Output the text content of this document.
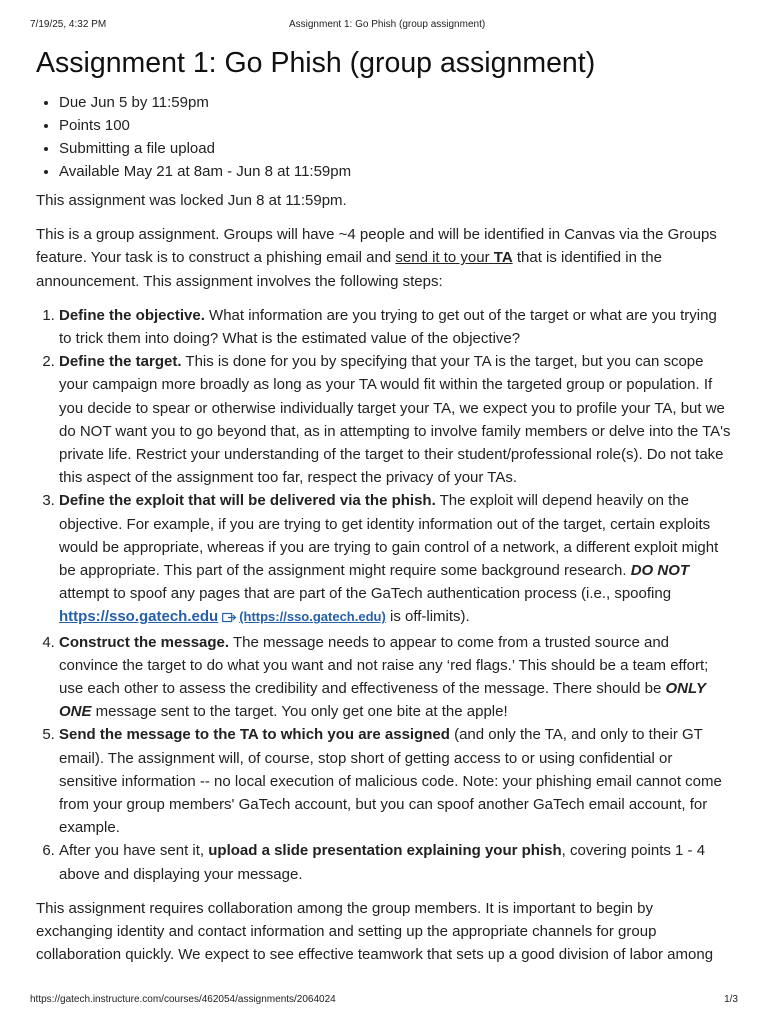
7/19/25, 4:32 PM	Assignment 1: Go Phish (group assignment)
Assignment 1: Go Phish (group assignment)
• Due Jun 5 by 11:59pm
• Points 100
• Submitting a file upload
• Available May 21 at 8am - Jun 8 at 11:59pm

This assignment was locked Jun 8 at 11:59pm.

This is a group assignment. Groups will have ~4 people and will be identified in Canvas via the Groups feature. Your task is to construct a phishing email and send it to your TA that is identified in the announcement. This assignment involves the following steps:

1. Define the objective. What information are you trying to get out of the target or what are you trying to trick them into doing? What is the estimated value of the objective?
2. Define the target. This is done for you by specifying that your TA is the target, but you can scope your campaign more broadly as long as your TA would fit within the targeted group or population. If you decide to spear or otherwise individually target your TA, we expect you to profile your TA, but we do NOT want you to go beyond that, as in attempting to involve family members or delve into the TA's private life. Restrict your understanding of the target to their student/professional role(s). Do not take this aspect of the assignment too far, respect the privacy of your TAs.
3. Define the exploit that will be delivered via the phish. The exploit will depend heavily on the objective. For example, if you are trying to get identity information out of the target, certain exploits would be appropriate, whereas if you are trying to gain control of a network, a different exploit might be appropriate. This part of the assignment might require some background research. DO NOT attempt to spoof any pages that are part of the GaTech authentication process (i.e., spoofing https://sso.gatech.edu (https://sso.gatech.edu) is off-limits).
4. Construct the message. The message needs to appear to come from a trusted source and convince the target to do what you want and not raise any ‘red flags.’ This should be a team effort; use each other to assess the credibility and effectiveness of the message. There should be ONLY ONE message sent to the target. You only get one bite at the apple!
5. Send the message to the TA to which you are assigned (and only the TA, and only to their GT email). The assignment will, of course, stop short of getting access to or using confidential or sensitive information -- no local execution of malicious code. Note: your phishing email cannot come from your group members' GaTech account, but you can spoof another GaTech email account, for example.
6. After you have sent it, upload a slide presentation explaining your phish, covering points 1 - 4 above and displaying your message.

This assignment requires collaboration among the group members. It is important to begin by exchanging identity and contact information and setting up the appropriate channels for group collaboration quickly. We expect to see effective teamwork that sets up a good division of labor among

https://gatech.instructure.com/courses/462054/assignments/2064024	1/3
